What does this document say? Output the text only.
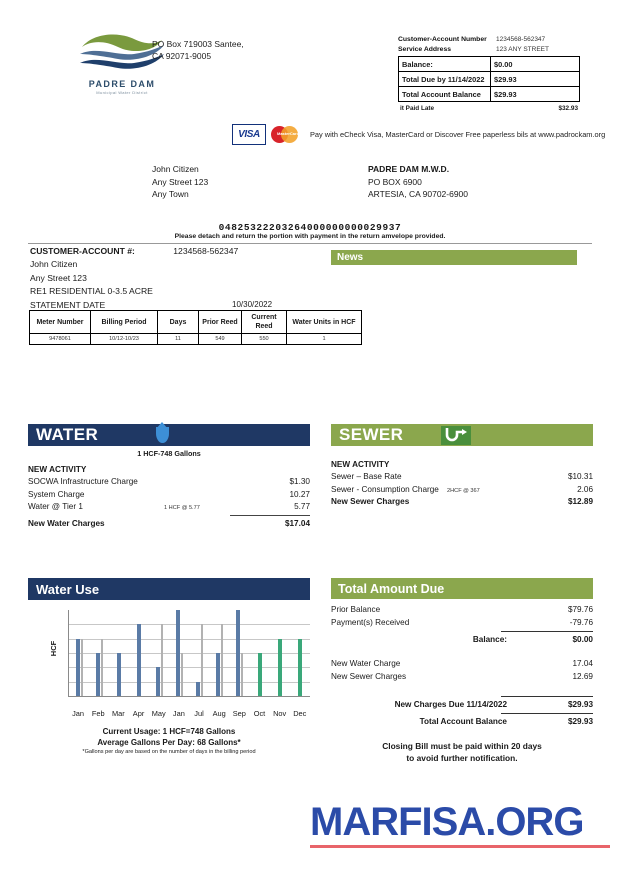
PADRE DAM
Municipal Water District
PO Box 719003 Santee,
CA 92071-9005
Customer-Account Number 1234568-562347
Service Address	123 ANY STREET
Balance:	$0.00
Total Due by 11/14/2022	$29.93
Total Account Balance	$29.93
it Paid Late	$32.93
VISA	MasterCard Pay with eCheck Visa, MasterCard or Discover Free paperless bils at www.padrockam.org
John Citizen
Any Street 123
Any Town
PADRE DAM M.W.D.
PO BOX 6900
ARTESIA, CA 90702-6900
04825322203264000000000029937
Please detach and return the portion with payment in the return amvelope provided.
CUSTOMER-ACCOUNT #:	1234568-562347
John Citizen
Any Street 123
RE1 RESIDENTIAL 0-3.5 ACRE
STATEMENT DATE	10/30/2022
News
Meter Number	Billing Period	Days	Prior Reed	Current Reed	Water Units in HCF
9478061	10/12-10/23	11	549	550	1
WATER
1 HCF-748 Gallons
NEW ACTIVITY
SOCWA Infrastructure Charge	$1.30
System Charge	10.27
Water @ Tier 1	1 HCF @ 5.77	5.77
New Water Charges	$17.04
SEWER
NEW ACTIVITY
Sewer – Base Rate	$10.31
Sewer - Consumption Charge	2HCF @ 367	2.06
New Sewer Charges	$12.89
Water Use
HCF
Jan	Feb	Mar	Apr	May Jan	Jul	Aug Sep	Oct	Nov Dec
Current Usage: 1 HCF=748 Gallons
Average Gallons Per Day: 68 Gallons*
*Gallons per day are based on the number of days in the billing period
Total Amount Due
Prior Balance	$79.76
Payment(s) Received	-79.76
Balance:	$0.00
New Water Charge	17.04
New Sewer Charges	12.69
New Charges Due 11/14/2022	$29.93
Total Account Balance	$29.93
Closing Bill must be paid within 20 days
to avoid further notification.
MARFISA.ORG
